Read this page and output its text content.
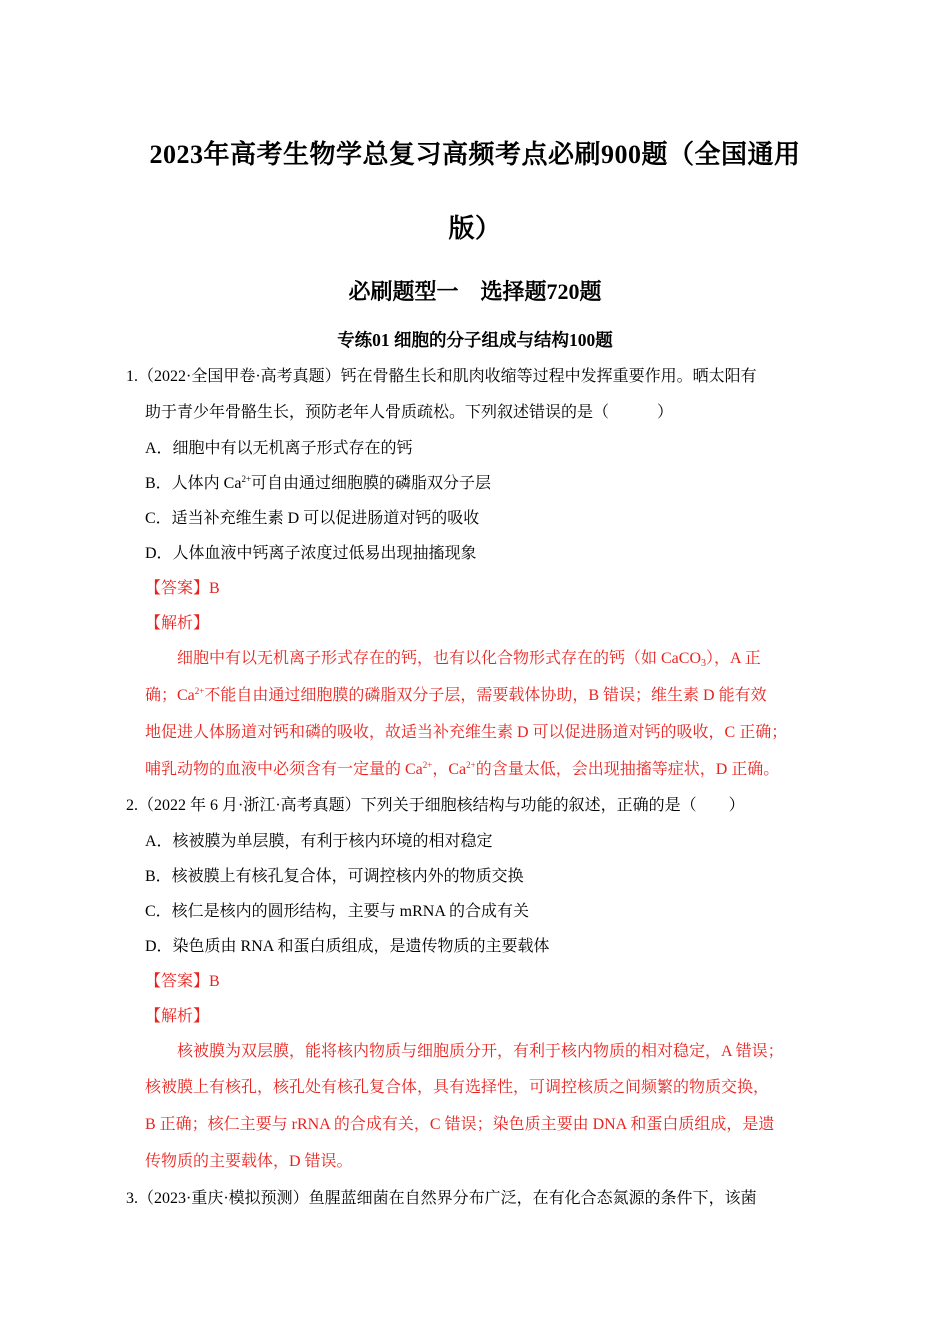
2023年高考生物学总复习高频考点必刷900题（全国通用
版）
必刷题型一　选择题720题
专练01 细胞的分子组成与结构100题
1.（2022·全国甲卷·高考真题）钙在骨骼生长和肌肉收缩等过程中发挥重要作用。晒太阳有
助于青少年骨骼生长，预防老年人骨质疏松。下列叙述错误的是（　　　）
A．细胞中有以无机离子形式存在的钙
B．人体内 $Ca^{2+}$可自由通过细胞膜的磷脂双分子层
C．适当补充维生素 D 可以促进肠道对钙的吸收
D．人体血液中钙离子浓度过低易出现抽搐现象
【答案】B
【解析】
细胞中有以无机离子形式存在的钙，也有以化合物形式存在的钙（如 CaCO$_3$），A 正
确；$Ca^{2+}$不能自由通过细胞膜的磷脂双分子层，需要载体协助，B 错误；维生素 D 能有效
地促进人体肠道对钙和磷的吸收，故适当补充维生素 D 可以促进肠道对钙的吸收，C 正确；
哺乳动物的血液中必须含有一定量的 $Ca^{2+}$，$Ca^{2+}$的含量太低，会出现抽搐等症状，D 正确。
2.（2022 年 6 月·浙江·高考真题）下列关于细胞核结构与功能的叙述，正确的是（　　）
A．核被膜为单层膜，有利于核内环境的相对稳定
B．核被膜上有核孔复合体，可调控核内外的物质交换
C．核仁是核内的圆形结构，主要与 mRNA 的合成有关
D．染色质由 RNA 和蛋白质组成，是遗传物质的主要载体
【答案】B
【解析】
核被膜为双层膜，能将核内物质与细胞质分开，有利于核内物质的相对稳定，A 错误；
核被膜上有核孔，核孔处有核孔复合体，具有选择性，可调控核质之间频繁的物质交换，
B 正确；核仁主要与 rRNA 的合成有关，C 错误；染色质主要由 DNA 和蛋白质组成，是遗
传物质的主要载体，D 错误。
3.（2023·重庆·模拟预测）鱼腥蓝细菌在自然界分布广泛，在有化合态氮源的条件下，该菌
